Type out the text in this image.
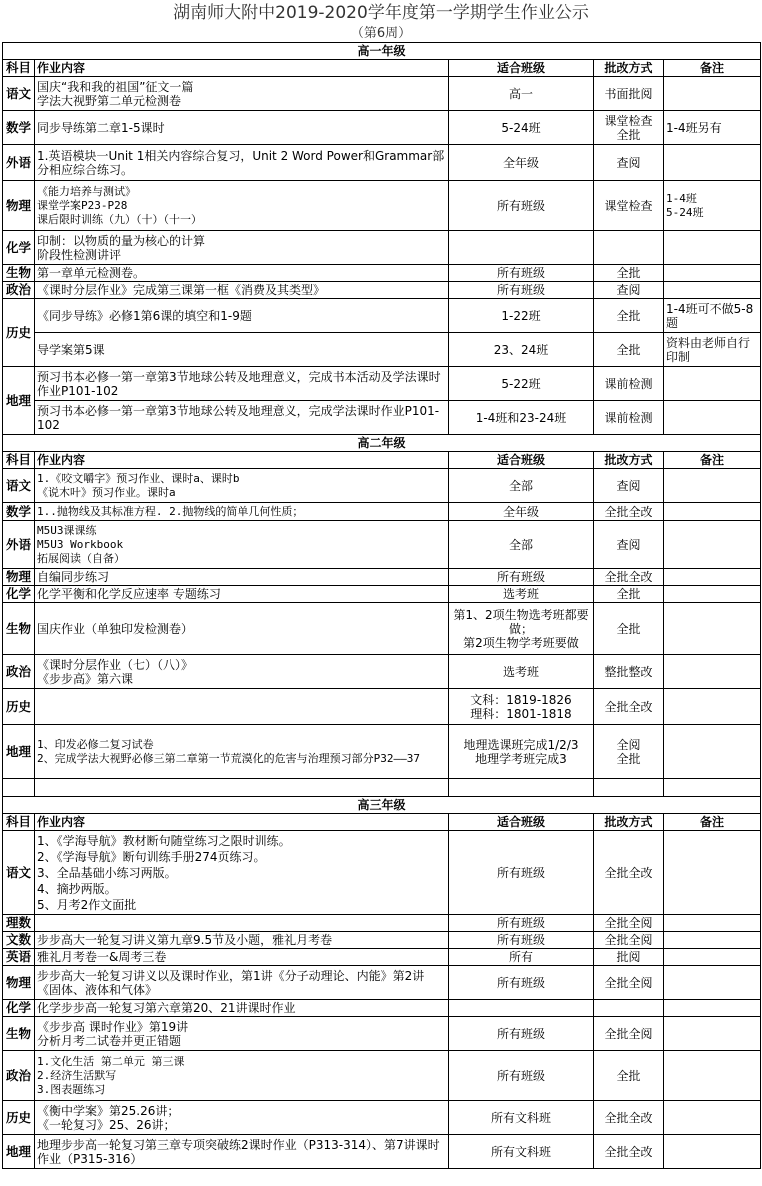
湖南师大附中2019-2020学年度第一学期学生作业公示
（第6周）
高一年级				
科目	作业内容	适合班级	批改方式	备注
语文	国庆“我和我的祖国”征文一篇
学法大视野第二单元检测卷	高一	书面批阅	
数学	同步导练第二章1-5课时	5-24班	课堂检查
全批	1-4班另有
外语	1.英语模块一Unit 1相关内容综合复习，Unit 2 Word Power和Grammar部分相应综合练习。	全年级	查阅	
物理	《能力培养与测试》
课堂学案P23-P28
课后限时训练（九）（十）（十一）	所有班级	课堂检查	1-4班
5-24班
化学	印制：以物质的量为核心的计算
阶段性检测讲评			
生物	第一章单元检测卷。	所有班级	全批	
政治	《课时分层作业》完成第三课第一框《消费及其类型》	所有班级	查阅	
历史	《同步导练》必修1第6课的填空和1-9题	1-22班	全批	1-4班可不做5-8题
	导学案第5课	23、24班	全批	资料由老师自行印制
地理	预习书本必修一第一章第3节地球公转及地理意义，完成书本活动及学法课时作业P101-102	5-22班	课前检测	
	预习书本必修一第一章第3节地球公转及地理意义，完成学法课时作业P101-102	1-4班和23-24班	课前检测	
高二年级				
科目	作业内容	适合班级	批改方式	备注
语文	1.《咬文嚼字》预习作业、课时a、课时b
《说木叶》预习作业。课时a	全部	查阅	
数学	1..抛物线及其标准方程. 2.抛物线的简单几何性质；	全年级	全批全改	
外语	M5U3课课练
M5U3 Workbook
拓展阅读（自备）	全部	查阅	
物理	自编同步练习	所有班级	全批全改	
化学	化学平衡和化学反应速率 专题练习	选考班	全批	
生物	国庆作业（单独印发检测卷）	第1、2项生物选考班都要做；
第2项生物学考班要做	全批	
政治	《课时分层作业（七）（八）》
《步步高》第六课	选考班	整批整改	
历史		文科：1819-1826
理科：1801-1818	全批全改	
地理	1、印发必修二复习试卷
2、完成学法大视野必修三第二章第一节荒漠化的危害与治理预习部分P32——37	地理选课班完成1/2/3
地理学考班完成3	全阅
全批	

高三年级				
科目	作业内容	适合班级	批改方式	备注
语文	1、《学海导航》教材断句随堂练习之限时训练。
2、《学海导航》断句训练手册274页练习。
3、全品基础小练习两版。
4、摘抄两版。
5、月考2作文面批	所有班级	全批全改	
理数		所有班级	全批全阅	
文数	步步高大一轮复习讲义第九章9.5节及小题，雅礼月考卷	所有班级	全批全阅	
英语	雅礼月考卷一&周考三卷	所有	批阅	
物理	步步高大一轮复习讲义以及课时作业，第1讲《分子动理论、内能》第2讲《固体、液体和气体》	所有班级	全批全阅	
化学	化学步步高一轮复习第六章第20、21讲课时作业			
生物	《步步高 课时作业》第19讲
分析月考二试卷并更正错题	所有班级	全批全阅	
政治	1.文化生活 第二单元 第三课
2.经济生活默写
3.图表题练习	所有班级	全批	
历史	《衡中学案》第25.26讲；
《一轮复习》25、26讲；	所有文科班	全批全改	
地理	地理步步高一轮复习第三章专项突破练2课时作业（P313-314）、第7讲课时作业（P315-316）	所有文科班	全批全改	
